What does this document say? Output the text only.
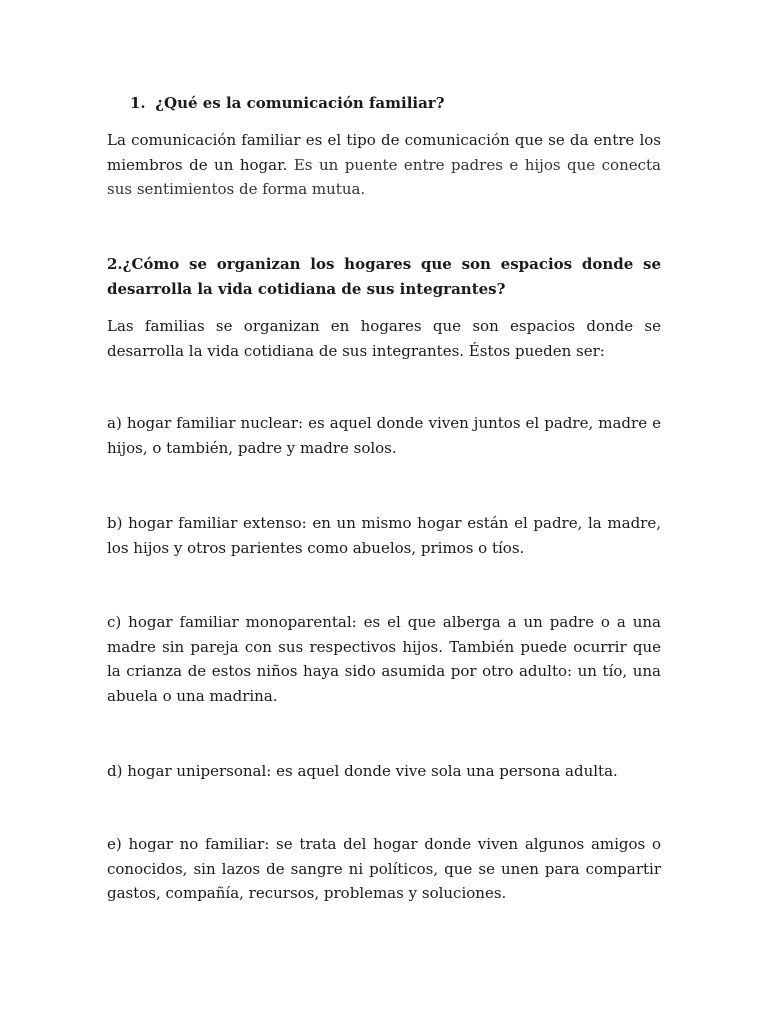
1. ¿Qué es la comunicación familiar?
La comunicación familiar es el tipo de comunicación que se da entre los miembros de un hogar. Es un puente entre padres e hijos que conecta sus sentimientos de forma mutua.
2.¿Cómo se organizan los hogares que son espacios donde se desarrolla la vida cotidiana de sus integrantes?
Las familias se organizan en hogares que son espacios donde se desarrolla la vida cotidiana de sus integrantes. Éstos pueden ser:
a) hogar familiar nuclear: es aquel donde viven juntos el padre, madre e hijos, o también, padre y madre solos.
b) hogar familiar extenso: en un mismo hogar están el padre, la madre, los hijos y otros parientes como abuelos, primos o tíos.
c) hogar familiar monoparental: es el que alberga a un padre o a una madre sin pareja con sus respectivos hijos. También puede ocurrir que la crianza de estos niños haya sido asumida por otro adulto: un tío, una abuela o una madrina.
d) hogar unipersonal: es aquel donde vive sola una persona adulta.
e) hogar no familiar: se trata del hogar donde viven algunos amigos o conocidos, sin lazos de sangre ni políticos, que se unen para compartir gastos, compañía, recursos, problemas y soluciones.
